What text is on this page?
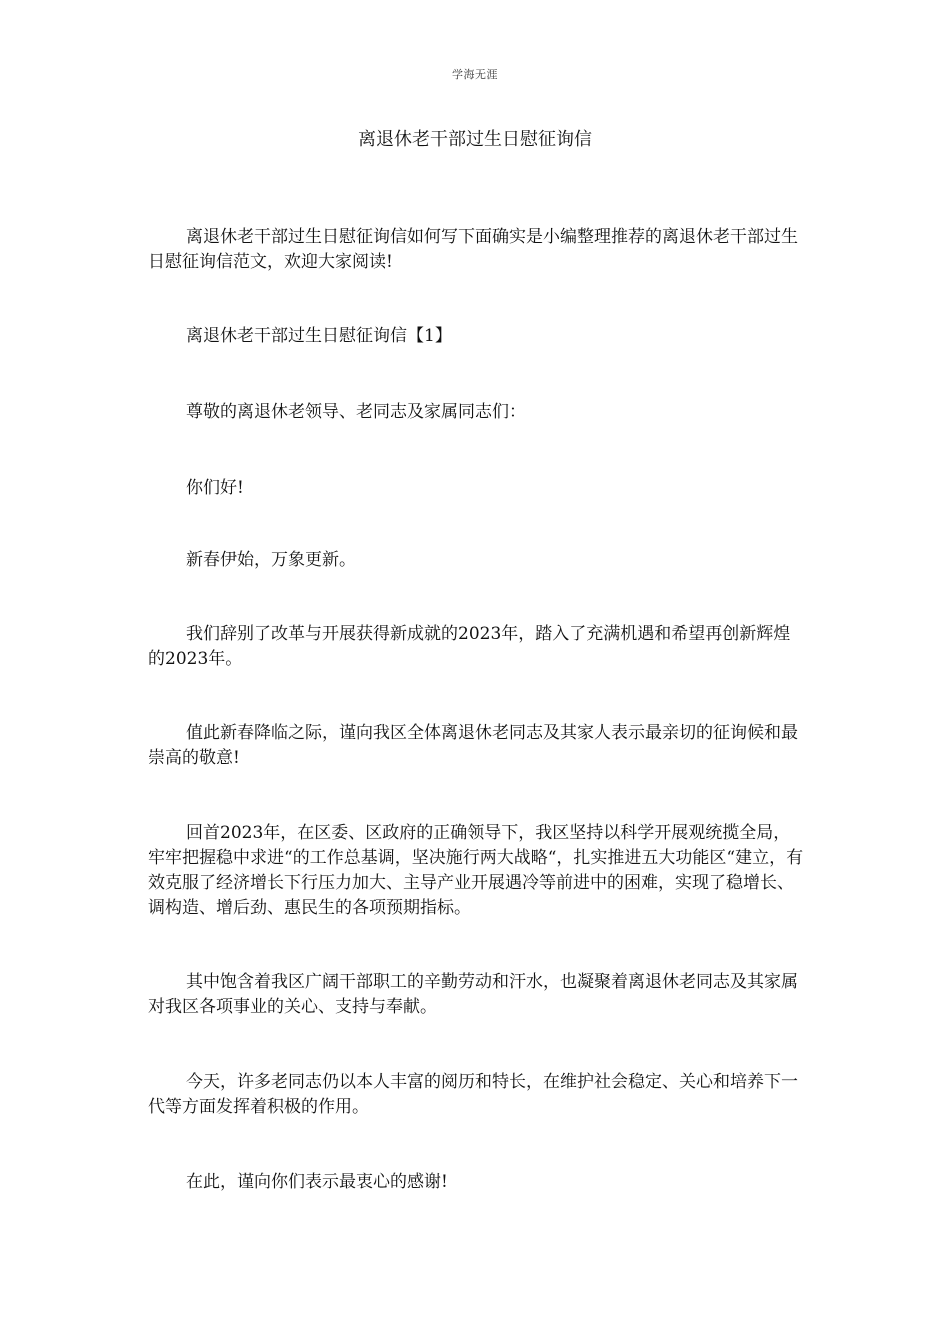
学海无涯
离退休老干部过生日慰征询信

离退休老干部过生日慰征询信如何写下面确实是小编整理推荐的离退休老干部过生日慰征询信范文，欢迎大家阅读!

离退休老干部过生日慰征询信【1】

尊敬的离退休老领导、老同志及家属同志们：

你们好!

新春伊始，万象更新。

我们辞别了改革与开展获得新成就的2023年，踏入了充满机遇和希望再创新辉煌的2023年。

值此新春降临之际，谨向我区全体离退休老同志及其家人表示最亲切的征询候和最崇高的敬意!

回首2023年，在区委、区政府的正确领导下，我区坚持以科学开展观统揽全局，牢牢把握稳中求进“的工作总基调，坚决施行两大战略“，扎实推进五大功能区“建立，有效克服了经济增长下行压力加大、主导产业开展遇冷等前进中的困难，实现了稳增长、调构造、增后劲、惠民生的各项预期指标。

其中饱含着我区广阔干部职工的辛勤劳动和汗水，也凝聚着离退休老同志及其家属对我区各项事业的关心、支持与奉献。

今天，许多老同志仍以本人丰富的阅历和特长，在维护社会稳定、关心和培养下一代等方面发挥着积极的作用。

在此，谨向你们表示最衷心的感谢!
